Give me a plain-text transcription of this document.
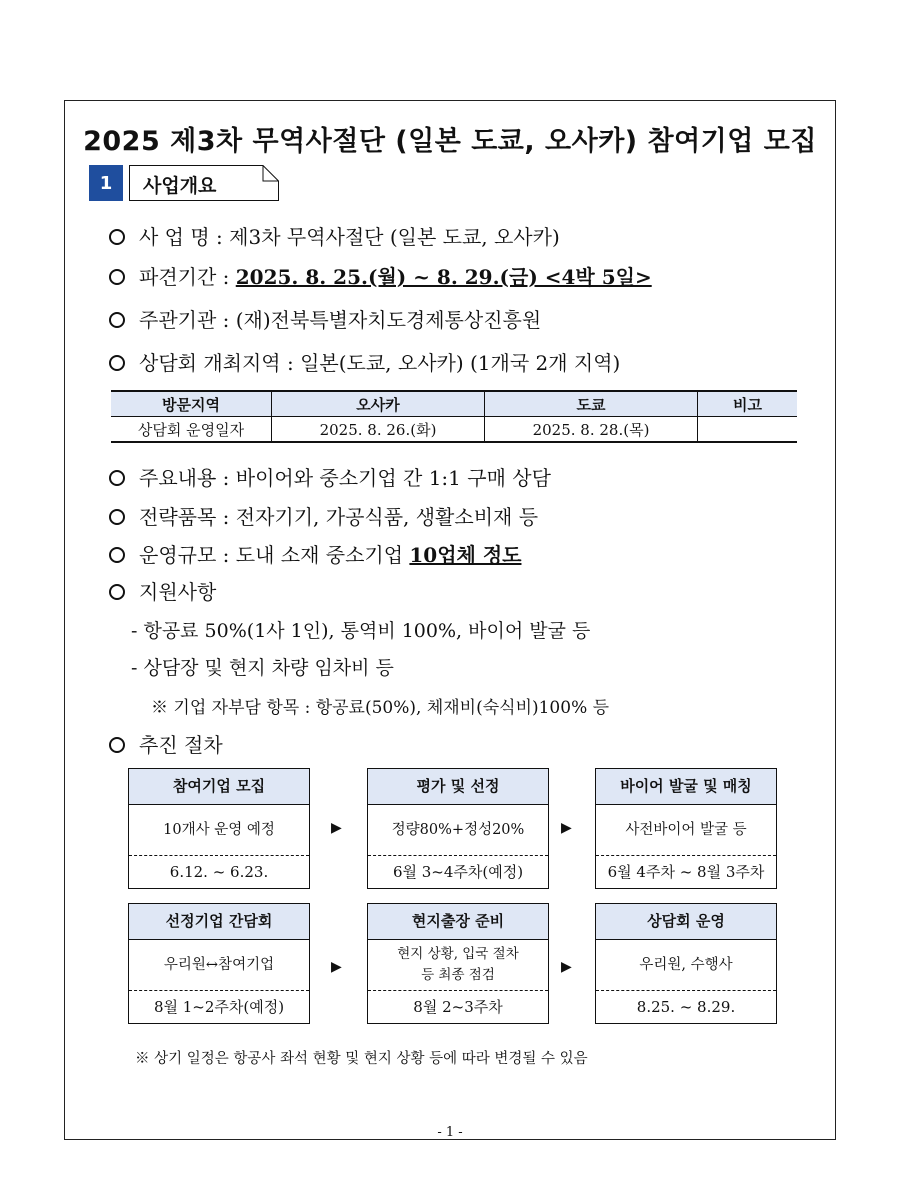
2025 제3차 무역사절단 (일본 도쿄, 오사카) 참여기업 모집
1	사업개요
사 업 명 : 제3차 무역사절단 (일본 도쿄, 오사카)
파견기간 : 2025. 8. 25.(월) ~ 8. 29.(금) <4박 5일>
주관기관 : (재)전북특별자치도경제통상진흥원
상담회 개최지역 : 일본(도쿄, 오사카) (1개국 2개 지역)
방문지역	오사카	도쿄	비고
상담회 운영일자	2025. 8. 26.(화)	2025. 8. 28.(목)	
주요내용 : 바이어와 중소기업 간 1:1 구매 상담
전략품목 : 전자기기, 가공식품, 생활소비재 등
운영규모 : 도내 소재 중소기업 10업체 정도
지원사항
- 항공료 50%(1사 1인), 통역비 100%, 바이어 발굴 등
- 상담장 및 현지 차량 임차비 등
※ 기업 자부담 항목 : 항공료(50%), 체재비(숙식비)100% 등
추진 절차
참여기업 모집
10개사 운영 예정
6.12. ~ 6.23.
▶
평가 및 선정
정량80%+정성20%
6월 3~4주차(예정)
▶
바이어 발굴 및 매칭
사전바이어 발굴 등
6월 4주차 ~ 8월 3주차
선정기업 간담회
우리원↔참여기업
8월 1~2주차(예정)
▶
현지출장 준비
현지 상황, 입국 절차
등 최종 점검
8월 2~3주차
▶
상담회 운영
우리원, 수행사
8.25. ~ 8.29.
※ 상기 일정은 항공사 좌석 현황 및 현지 상황 등에 따라 변경될 수 있음
- 1 -
